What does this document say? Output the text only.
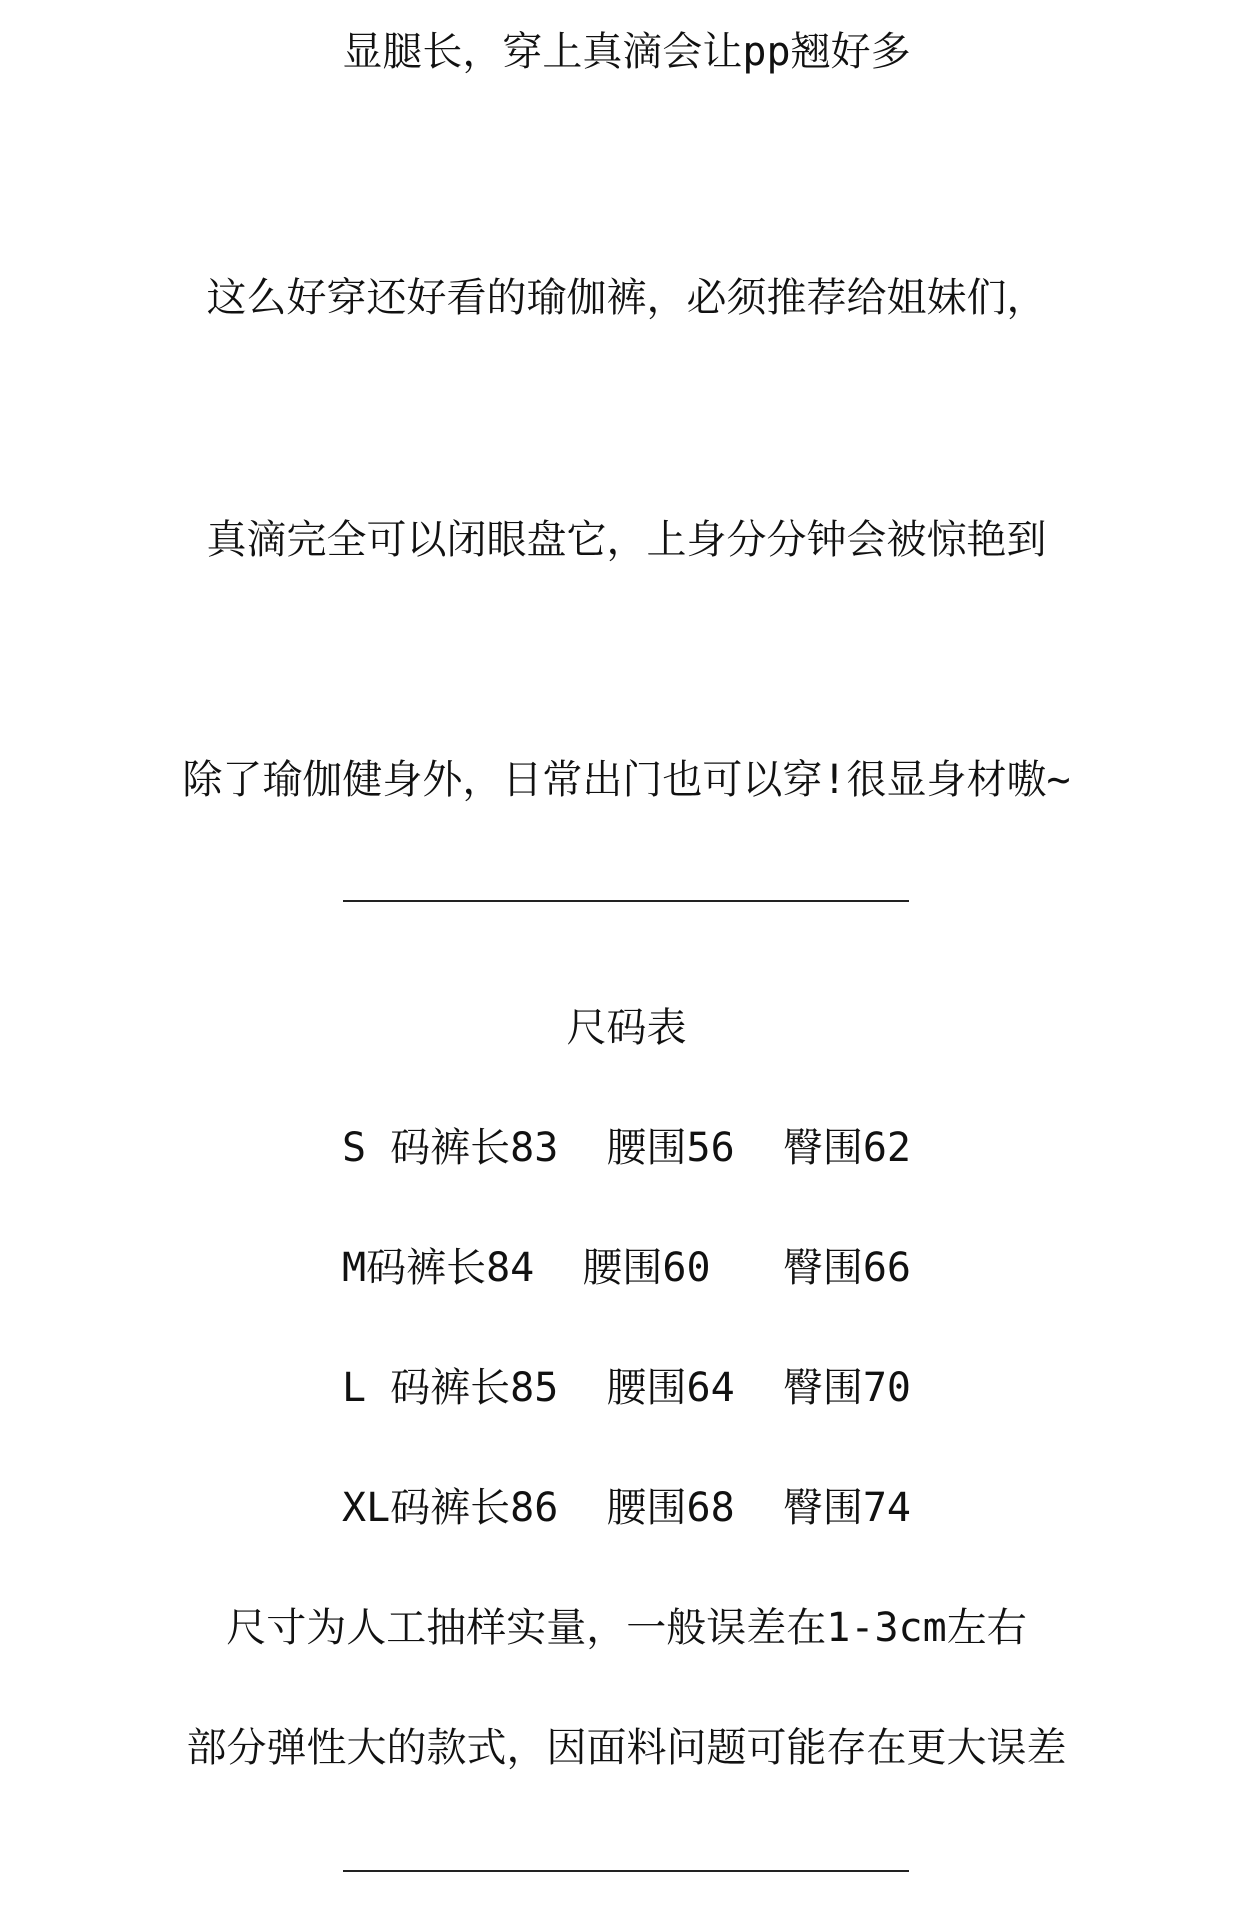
显腿长，穿上真滴会让pp翘好多
这么好穿还好看的瑜伽裤，必须推荐给姐妹们，
真滴完全可以闭眼盘它，上身分分钟会被惊艳到
除了瑜伽健身外，日常出门也可以穿!很显身材嗷~
尺码表
S 码裤长83  腰围56  臀围62
M码裤长84  腰围60   臀围66
L 码裤长85  腰围64  臀围70
XL码裤长86  腰围68  臀围74
尺寸为人工抽样实量，一般误差在1-3cm左右
部分弹性大的款式，因面料问题可能存在更大误差
